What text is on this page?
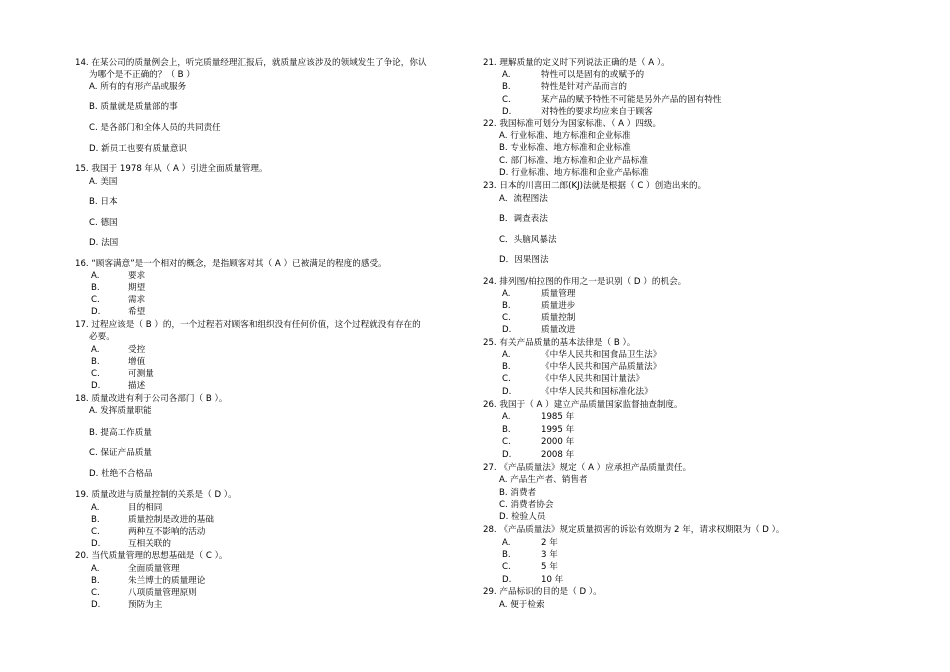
14. 在某公司的质量例会上，听完质量经理汇报后，就质量应该涉及的领域发生了争论，你认
为哪个是不正确的？（ B ）
A. 所有的有形产品或服务
B. 质量就是质量部的事
C. 是各部门和全体人员的共同责任
D. 新员工也要有质量意识
15. 我国于 1978 年从（ A ）引进全面质量管理。
A. 美国
B. 日本
C. 德国
D. 法国
16. “顾客满意”是一个相对的概念，是指顾客对其（ A ）已被满足的程度的感受。
A.	要求
B.	期望
C.	需求
D.	希望
17. 过程应该是（ B ）的，一个过程若对顾客和组织没有任何价值，这个过程就没有存在的
必要。
A.	受控
B.	增值
C.	可测量
D.	描述
18. 质量改进有利于公司各部门（ B ）。
A. 发挥质量职能
B. 提高工作质量
C. 保证产品质量
D. 杜绝不合格品
19. 质量改进与质量控制的关系是（ D ）。
A.	目的相同
B.	质量控制是改进的基础
C.	两种互不影响的活动
D.	互相关联的
20. 当代质量管理的思想基础是（ C ）。
A.	全面质量管理
B.	朱兰博士的质量理论
C.	八项质量管理原则
D.	预防为主
21. 理解质量的定义时下列说法正确的是（ A ）。
A.	特性可以是固有的或赋予的
B.	特性是针对产品而言的
C.	某产品的赋予特性不可能是另外产品的固有特性
D.	对特性的要求均应来自于顾客
22. 我国标准可划分为国家标准、（ A ）四级。
A. 行业标准、地方标准和企业标准
B. 专业标准、地方标准和企业标准
C. 部门标准、地方标准和企业产品标准
D. 行业标准、地方标准和企业产品标准
23. 日本的川喜田二郎(KJ)法就是根据（ C ）创造出来的。
A．流程图法
B．调查表法
C．头脑风暴法
D．因果图法
24. 排列图/柏拉图的作用之一是识别（ D ）的机会。
A.	质量管理
B.	质量进步
C.	质量控制
D.	质量改进
25. 有关产品质量的基本法律是（ B ）。
A.	《中华人民共和国食品卫生法》
B.	《中华人民共和国产品质量法》
C.	《中华人民共和国计量法》
D.	《中华人民共和国标准化法》
26. 我国于（ A ）建立产品质量国家监督抽查制度。
A.	1985 年
B.	1995 年
C.	2000 年
D.	2008 年
27. 《产品质量法》规定（ A ）应承担产品质量责任。
A. 产品生产者、销售者
B. 消费者
C. 消费者协会
D. 检验人员
28. 《产品质量法》规定质量损害的诉讼有效期为 2 年，请求权期限为（ D ）。
A.	2 年
B.	3 年
C.	5 年
D.	10 年
29. 产品标识的目的是（ D ）。
A. 便于检索
